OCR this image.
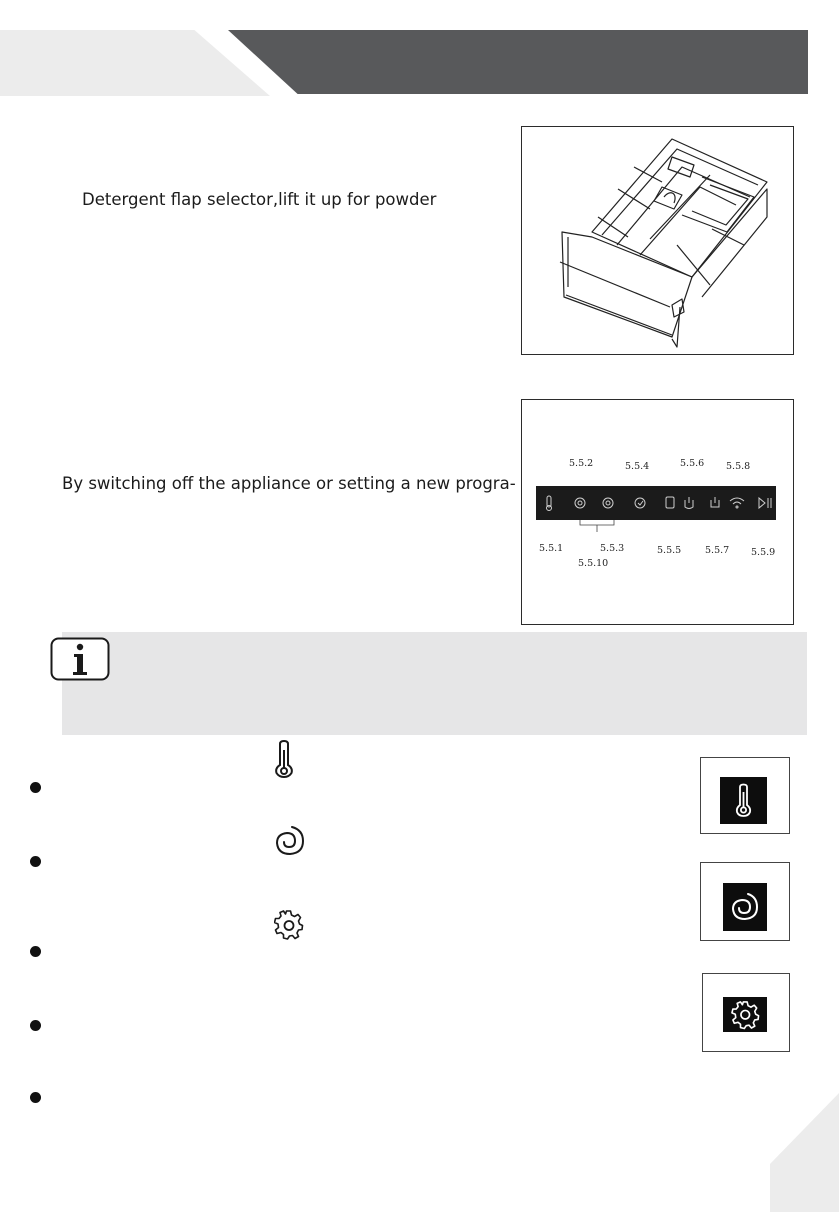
Detergent flap selector,lift it up for powder
By switching off the appliance or setting a new progra-
5.5.2	5.5.4	5.5.6 5.5.8
5.5.1	5.5.3	5.5.5	5.5.7 5.5.9
5.5.10
